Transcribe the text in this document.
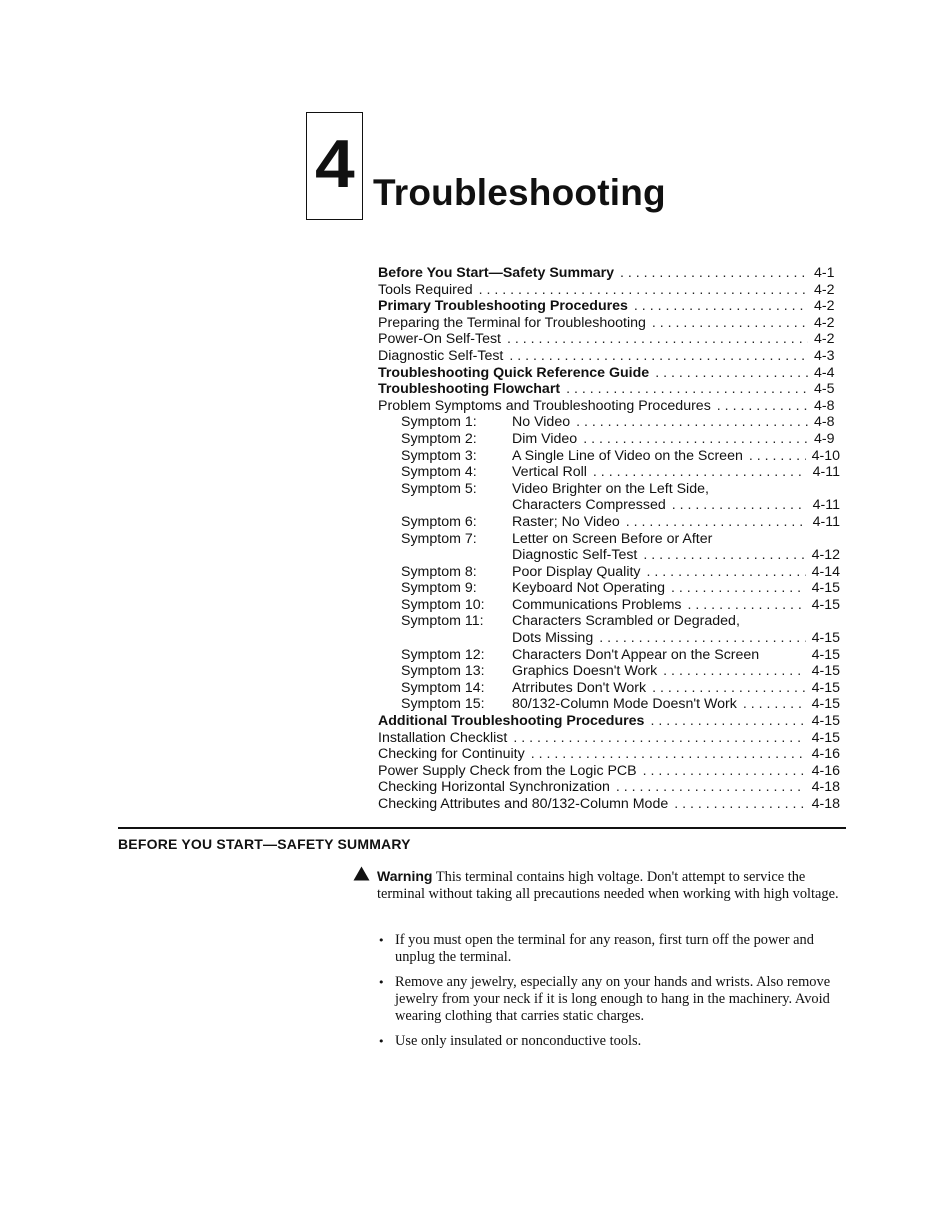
4 Troubleshooting
Before You Start—Safety Summary . . .	4-1
Tools Required . . .	4-2
Primary Troubleshooting Procedures . . .	4-2
Preparing the Terminal for Troubleshooting . . .	4-2
Power-On Self-Test . . .	4-2
Diagnostic Self-Test . . .	4-3
Troubleshooting Quick Reference Guide . . .	4-4
Troubleshooting Flowchart . . .	4-5
Problem Symptoms and Troubleshooting Procedures . . .	4-8
Symptom 1:	No Video . . .	4-8
Symptom 2:	Dim Video . . .	4-9
Symptom 3:	A Single Line of Video on the Screen . . .	4-10
Symptom 4:	Vertical Roll . . .	4-11
Symptom 5:	Video Brighter on the Left Side,
Characters Compressed . . .	4-11
Symptom 6:	Raster; No Video . . .	4-11
Symptom 7:	Letter on Screen Before or After
Diagnostic Self-Test . . .	4-12
Symptom 8:	Poor Display Quality . . .	4-14
Symptom 9:	Keyboard Not Operating . . .	4-15
Symptom 10:	Communications Problems . . .	4-15
Symptom 11:	Characters Scrambled or Degraded,
Dots Missing . . .	4-15
Symptom 12:	Characters Don't Appear on the Screen	4-15
Symptom 13:	Graphics Doesn't Work . . .	4-15
Symptom 14:	Atrributes Don't Work . . .	4-15
Symptom 15:	80/132-Column Mode Doesn't Work . . .	4-15
Additional Troubleshooting Procedures . . .	4-15
Installation Checklist . . .	4-15
Checking for Continuity . . .	4-16
Power Supply Check from the Logic PCB . . .	4-16
Checking Horizontal Synchronization . . .	4-18
Checking Attributes and 80/132-Column Mode . . .	4-18
BEFORE YOU START—SAFETY SUMMARY
Warning This terminal contains high voltage. Don't attempt to service the terminal without taking all precautions needed when working with high voltage.
• If you must open the terminal for any reason, first turn off the power and unplug the terminal.
• Remove any jewelry, especially any on your hands and wrists. Also remove jewelry from your neck if it is long enough to hang in the machinery. Avoid wearing clothing that carries static charges.
• Use only insulated or nonconductive tools.
